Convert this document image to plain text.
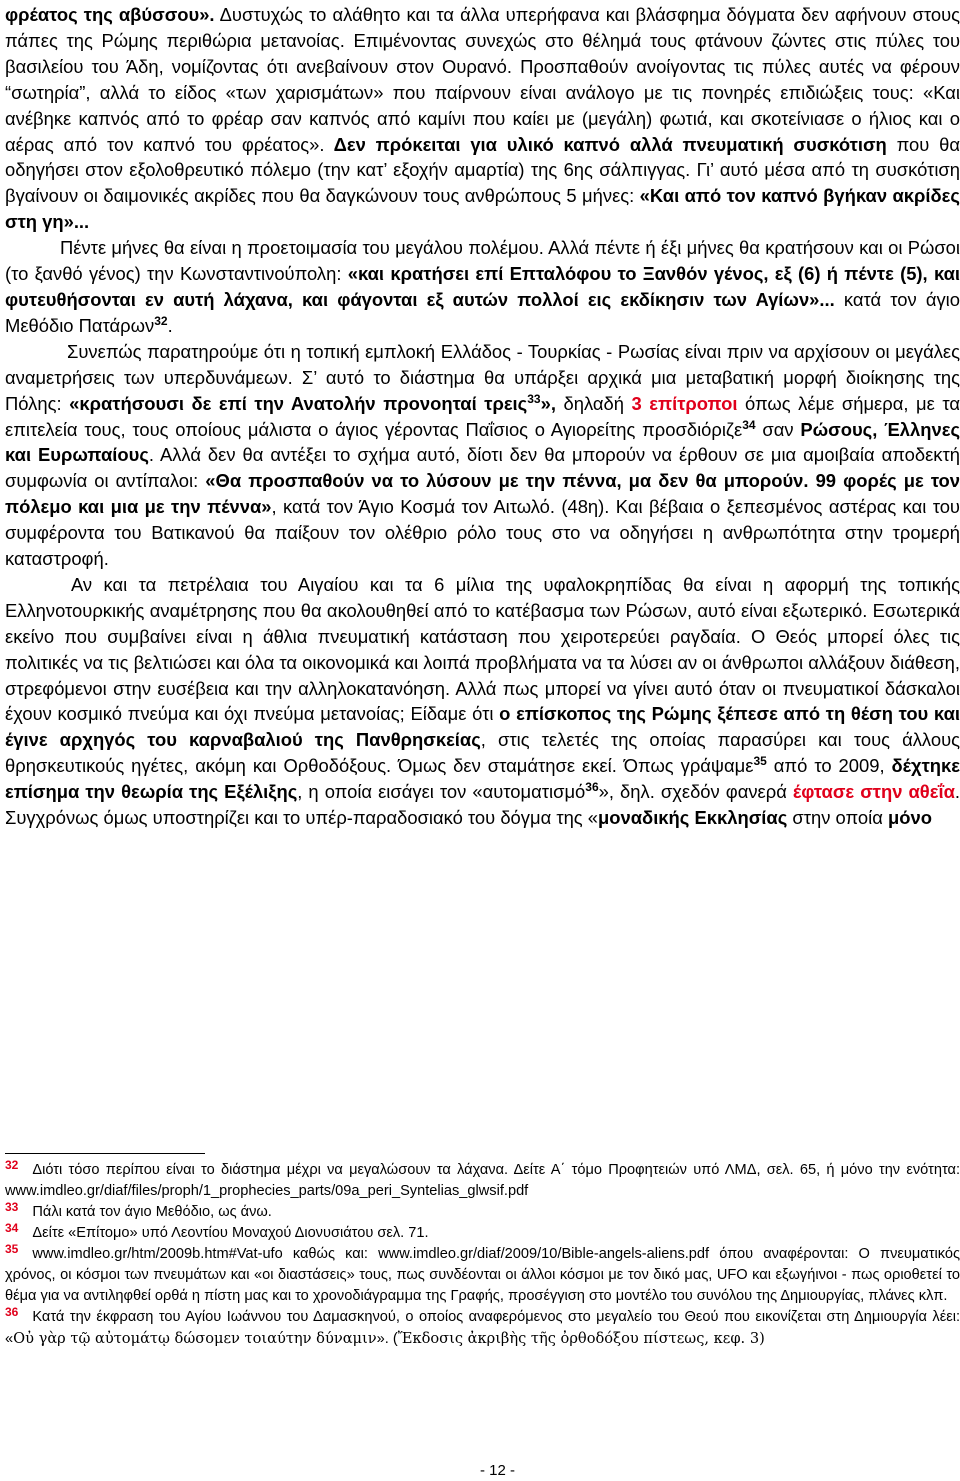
φρέατος της αβύσσου». Δυστυχώς το αλάθητο και τα άλλα υπερήφανα και βλάσφημα δόγματα δεν αφήνουν στους πάπες της Ρώμης περιθώρια μετανοίας. Επιμένοντας συνεχώς στο θέλημά τους φτάνουν ζώντες στις πύλες του βασιλείου του Άδη, νομίζοντας ότι ανεβαίνουν στον Ουρανό. Προσπαθούν ανοίγοντας τις πύλες αυτές να φέρουν “σωτηρία”, αλλά το είδος «των χαρισμάτων» που παίρνουν είναι ανάλογο με τις πονηρές επιδιώξεις τους: «Και ανέβηκε καπνός από το φρέαρ σαν καπνός από καμίνι που καίει με (μεγάλη) φωτιά, και σκοτείνιασε ο ήλιος και ο αέρας από τον καπνό του φρέατος». Δεν πρόκειται για υλικό καπνό αλλά πνευματική συσκότιση που θα οδηγήσει στον εξολοθρευτικό πόλεμο (την κατ’ εξοχήν αμαρτία) της 6ης σάλπιγγας. Γι’ αυτό μέσα από τη συσκότιση βγαίνουν οι δαιμονικές ακρίδες που θα δαγκώνουν τους ανθρώπους 5 μήνες: «Και από τον καπνό βγήκαν ακρίδες στη γη»...

Πέντε μήνες θα είναι η προετοιμασία του μεγάλου πολέμου. Αλλά πέντε ή έξι μήνες θα κρατήσουν και οι Ρώσοι (το ξανθό γένος) την Κωνσταντινούπολη: «και κρατήσει επί Επταλόφου το Ξανθόν γένος, εξ (6) ή πέντε (5), και φυτευθήσονται εν αυτή λάχανα, και φάγονται εξ αυτών πολλοί εις εκδίκησιν των Αγίων»... κατά τον άγιο Μεθόδιο Πατάρων$^{32}$.

Συνεπώς παρατηρούμε ότι η τοπική εμπλοκή Ελλάδος - Τουρκίας - Ρωσίας είναι πριν να αρχίσουν οι μεγάλες αναμετρήσεις των υπερδυνάμεων. Σ’ αυτό το διάστημα θα υπάρξει αρχικά μια μεταβατική μορφή διοίκησης της Πόλης: «κρατήσουσι δε επί την Ανατολήν προνοηταί τρεις$^{33}$», δηλαδή 3 επίτροποι όπως λέμε σήμερα, με τα επιτελεία τους, τους οποίους μάλιστα ο άγιος γέροντας Παΐσιος ο Αγιορείτης προσδιόριζε$^{34}$ σαν Ρώσους, Έλληνες και Ευρωπαίους. Αλλά δεν θα αντέξει το σχήμα αυτό, δίοτι δεν θα μπορούν να έρθουν σε μια αμοιβαία αποδεκτή συμφωνία οι αντίπαλοι: «Θα προσπαθούν να το λύσουν με την πέννα, μα δεν θα μπορούν. 99 φορές με τον πόλεμο και μια με την πέννα», κατά τον Άγιο Κοσμά τον Αιτωλό. (48η). Και βέβαια ο ξεπεσμένος αστέρας και του συμφέροντα του Βατικανού θα παίξουν τον ολέθριο ρόλο τους στο να οδηγήσει η ανθρωπότητα στην τρομερή καταστροφή.

Αν και τα πετρέλαια του Αιγαίου και τα 6 μίλια της υφαλοκρηπίδας θα είναι η αφορμή της τοπικής Ελληνοτουρκικής αναμέτρησης που θα ακολουθηθεί από το κατέβασμα των Ρώσων, αυτό είναι εξωτερικό. Εσωτερικά εκείνο που συμβαίνει είναι η άθλια πνευματική κατάσταση που χειροτερεύει ραγδαία. Ο Θεός μπορεί όλες τις πολιτικές να τις βελτιώσει και όλα τα οικονομικά και λοιπά προβλήματα να τα λύσει αν οι άνθρωποι αλλάξουν διάθεση, στρεφόμενοι στην ευσέβεια και την αλληλοκατανόηση. Αλλά πως μπορεί να γίνει αυτό όταν οι πνευματικοί δάσκαλοι έχουν κοσμικό πνεύμα και όχι πνεύμα μετανοίας; Είδαμε ότι ο επίσκοπος της Ρώμης ξέπεσε από τη θέση του και έγινε αρχηγός του καρναβαλιού της Πανθρησκείας, στις τελετές της οποίας παρασύρει και τους άλλους θρησκευτικούς ηγέτες, ακόμη και Ορθοδόξους. Όμως δεν σταμάτησε εκεί. Όπως γράψαμε$^{35}$ από το 2009, δέχτηκε επίσημα την θεωρία της Εξέλιξης, η οποία εισάγει τον «αυτοματισμό$^{36}$», δηλ. σχεδόν φανερά έφτασε στην αθεΐα. Συγχρόνως όμως υποστηρίζει και το υπέρ-παραδοσιακό του δόγμα της «μοναδικής Εκκλησίας στην οποία μόνο

$^{32}$ Διότι τόσο περίπου είναι το διάστημα μέχρι να μεγαλώσουν τα λάχανα. Δείτε Α΄ τόμο Προφητειών υπό ΛΜΔ, σελ. 65, ή μόνο την ενότητα: www.imdleo.gr/diaf/files/proph/1_prophecies_parts/09a_peri_Syntelias_glwsif.pdf

$^{33}$ Πάλι κατά τον άγιο Μεθόδιο, ως άνω.

$^{34}$ Δείτε «Επίτομο» υπό Λεοντίου Μοναχού Διονυσιάτου σελ. 71.

$^{35}$ www.imdleo.gr/htm/2009b.htm#Vat-ufo καθώς και: www.imdleo.gr/diaf/2009/10/Bible-angels-aliens.pdf όπου αναφέρονται: Ο πνευματικός χρόνος, οι κόσμοι των πνευμάτων και «οι διαστάσεις» τους, πως συνδέονται οι άλλοι κόσμοι με τον δικό μας, UFO και εξωγήινοι - πως οριοθετεί το θέμα για να αντιληφθεί ορθά η πίστη μας και το χρονοδιάγραμμα της Γραφής, προσέγγιση στο μοντέλο του συνόλου της Δημιουργίας, πλάνες κλπ.

$^{36}$ Κατά την έκφραση του Αγίου Ιωάννου του Δαμασκηνού, ο οποίος αναφερόμενος στο μεγαλείο του Θεού που εικονίζεται στη Δημιουργία λέει: «Οὐ γὰρ τῷ αὐτομάτῳ δώσομεν τοιαύτην δύναμιν». (Ἔκδοσις ἀκριβὴς τῆς ὀρθοδόξου πίστεως, κεφ. 3)

- 12 -
